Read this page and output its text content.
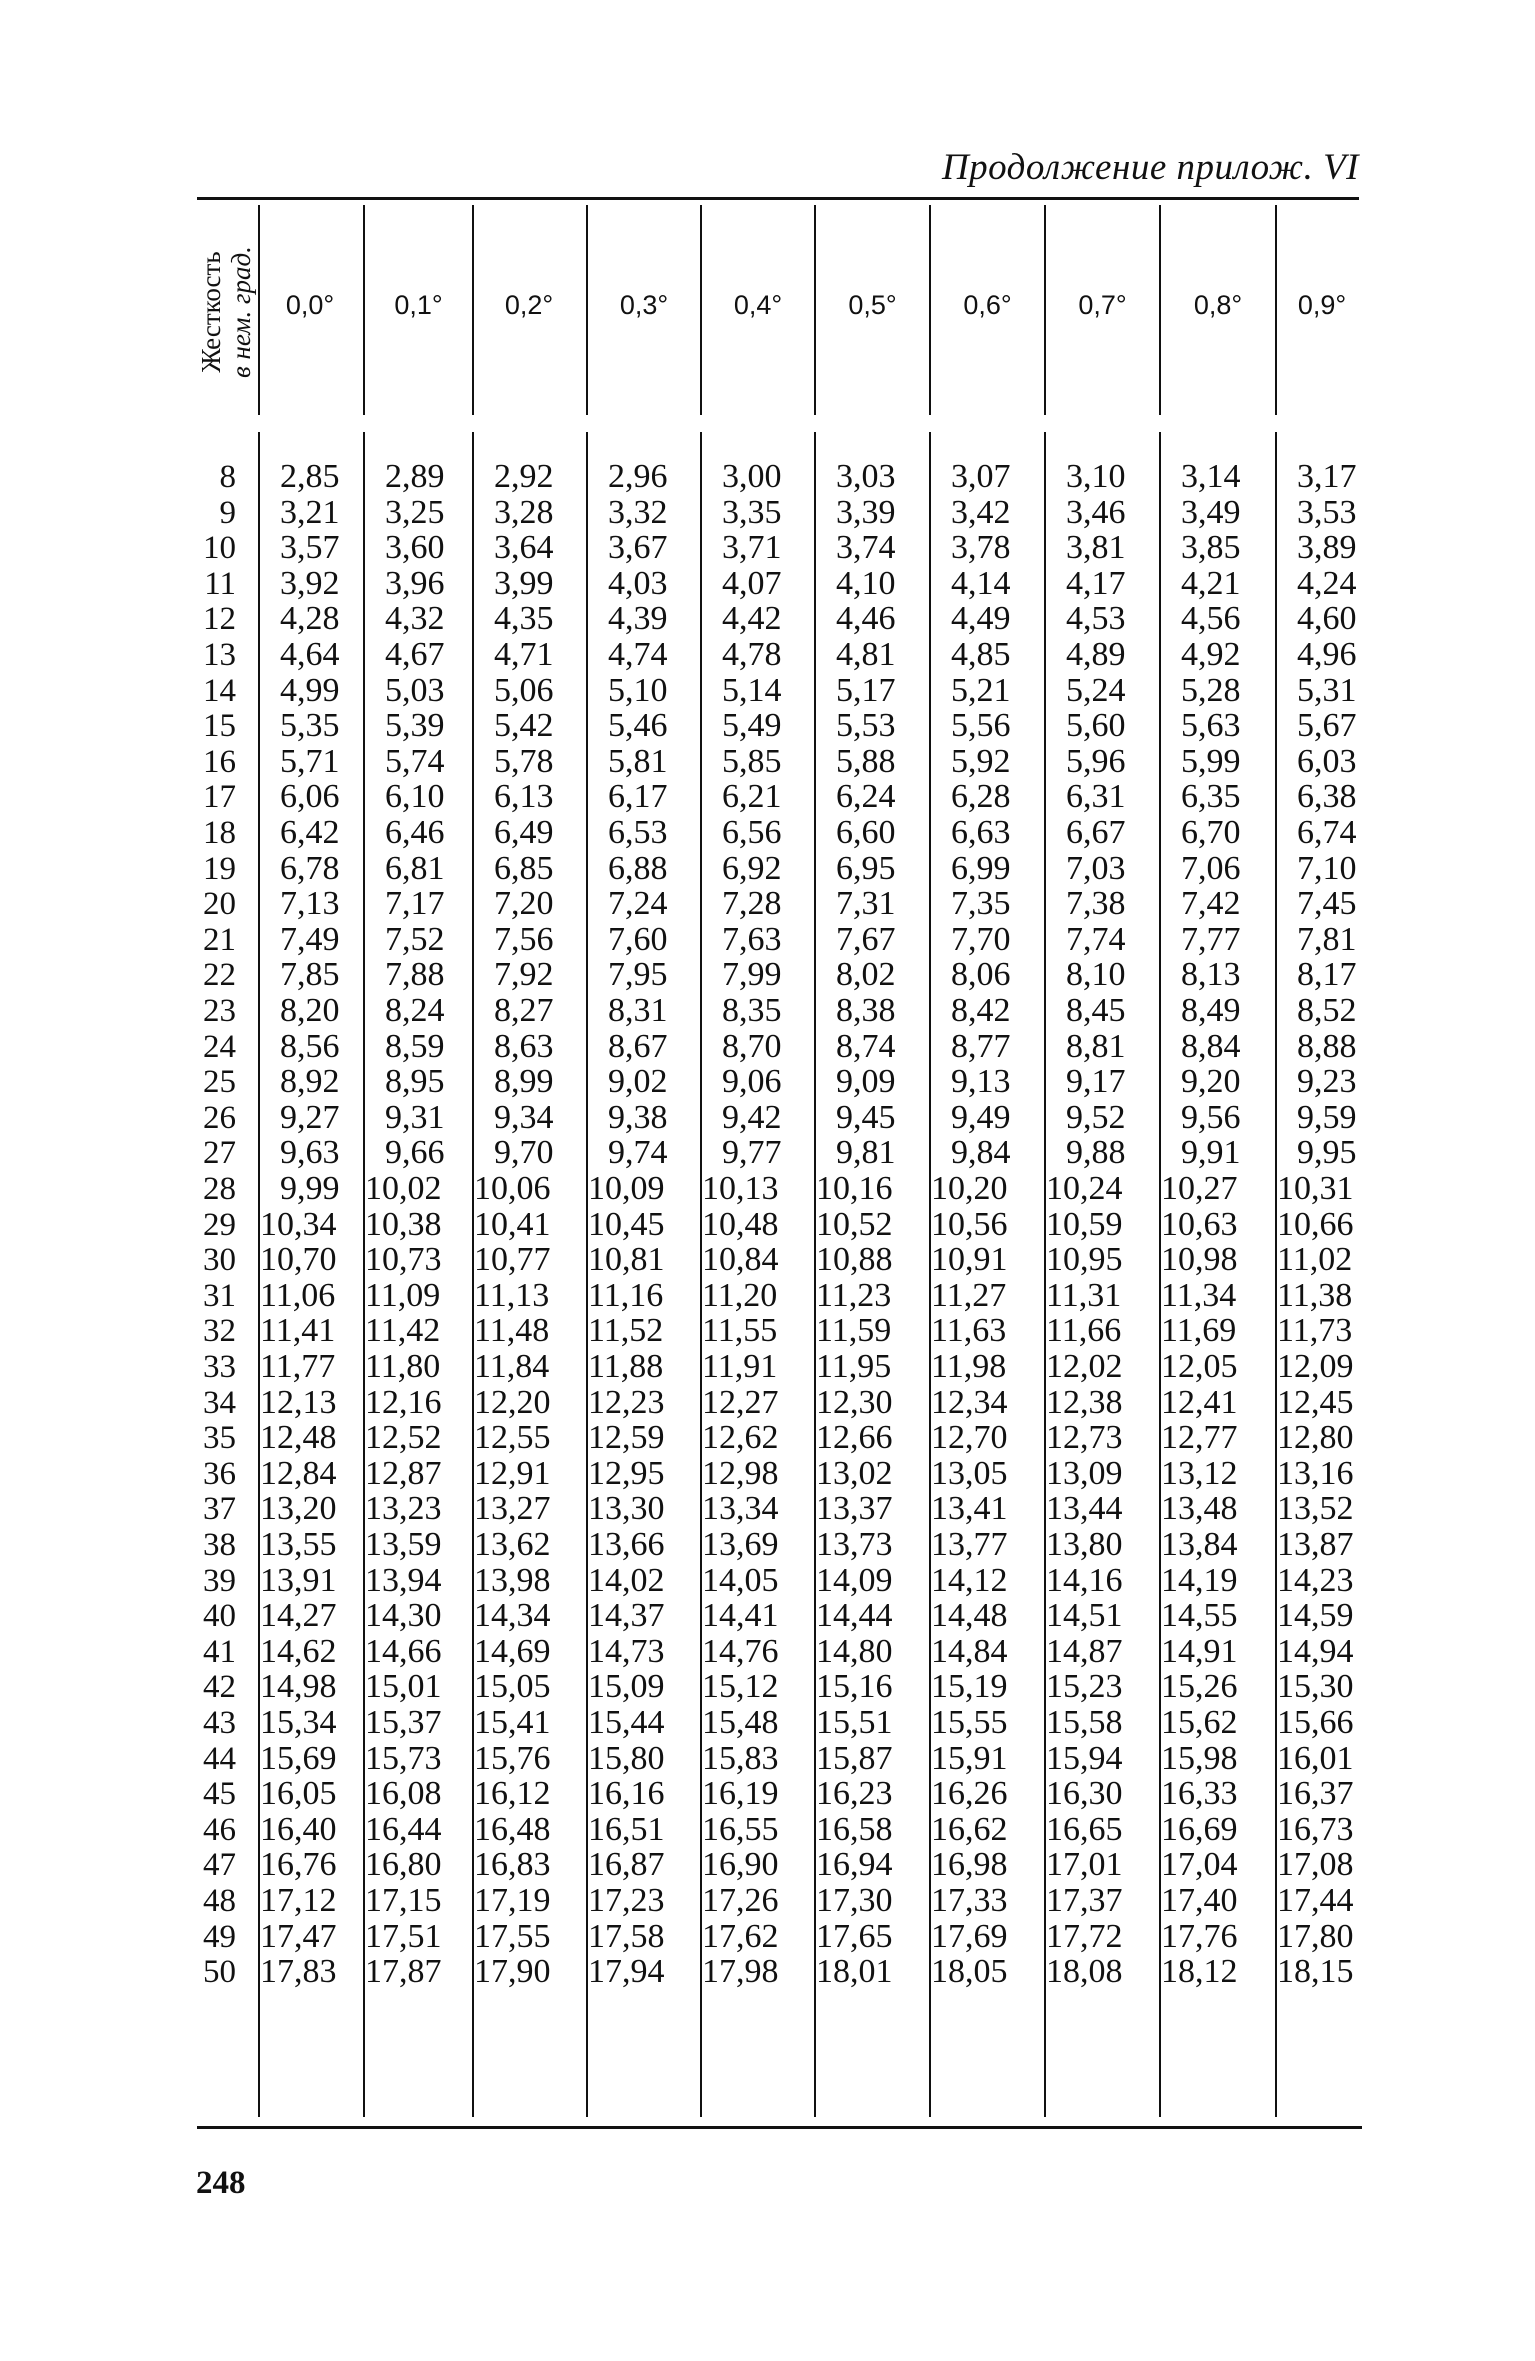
Продолжение прилож. VI
Жесткость в нем. град.	0,0°	0,1°	0,2°	0,3°	0,4°	0,5°	0,6°	0,7°	0,8°	0,9°
8 2,85 2,89 2,92 2,96 3,00 3,03 3,07 3,10 3,14 3,17
9 3,21 3,25 3,28 3,32 3,35 3,39 3,42 3,46 3,49 3,53
10 3,57 3,60 3,64 3,67 3,71 3,74 3,78 3,81 3,85 3,89
11 3,92 3,96 3,99 4,03 4,07 4,10 4,14 4,17 4,21 4,24
12 4,28 4,32 4,35 4,39 4,42 4,46 4,49 4,53 4,56 4,60
13 4,64 4,67 4,71 4,74 4,78 4,81 4,85 4,89 4,92 4,96
14 4,99 5,03 5,06 5,10 5,14 5,17 5,21 5,24 5,28 5,31
15 5,35 5,39 5,42 5,46 5,49 5,53 5,56 5,60 5,63 5,67
16 5,71 5,74 5,78 5,81 5,85 5,88 5,92 5,96 5,99 6,03
17 6,06 6,10 6,13 6,17 6,21 6,24 6,28 6,31 6,35 6,38
18 6,42 6,46 6,49 6,53 6,56 6,60 6,63 6,67 6,70 6,74
19 6,78 6,81 6,85 6,88 6,92 6,95 6,99 7,03 7,06 7,10
20 7,13 7,17 7,20 7,24 7,28 7,31 7,35 7,38 7,42 7,45
21 7,49 7,52 7,56 7,60 7,63 7,67 7,70 7,74 7,77 7,81
22 7,85 7,88 7,92 7,95 7,99 8,02 8,06 8,10 8,13 8,17
23 8,20 8,24 8,27 8,31 8,35 8,38 8,42 8,45 8,49 8,52
24 8,56 8,59 8,63 8,67 8,70 8,74 8,77 8,81 8,84 8,88
25 8,92 8,95 8,99 9,02 9,06 9,09 9,13 9,17 9,20 9,23
26 9,27 9,31 9,34 9,38 9,42 9,45 9,49 9,52 9,56 9,59
27 9,63 9,66 9,70 9,74 9,77 9,81 9,84 9,88 9,91 9,95
28 9,99 10,02 10,06 10,09 10,13 10,16 10,20 10,24 10,27 10,31
29 10,34 10,38 10,41 10,45 10,48 10,52 10,56 10,59 10,63 10,66
30 10,70 10,73 10,77 10,81 10,84 10,88 10,91 10,95 10,98 11,02
31 11,06 11,09 11,13 11,16 11,20 11,23 11,27 11,31 11,34 11,38
32 11,41 11,42 11,48 11,52 11,55 11,59 11,63 11,66 11,69 11,73
33 11,77 11,80 11,84 11,88 11,91 11,95 11,98 12,02 12,05 12,09
34 12,13 12,16 12,20 12,23 12,27 12,30 12,34 12,38 12,41 12,45
35 12,48 12,52 12,55 12,59 12,62 12,66 12,70 12,73 12,77 12,80
36 12,84 12,87 12,91 12,95 12,98 13,02 13,05 13,09 13,12 13,16
37 13,20 13,23 13,27 13,30 13,34 13,37 13,41 13,44 13,48 13,52
38 13,55 13,59 13,62 13,66 13,69 13,73 13,77 13,80 13,84 13,87
39 13,91 13,94 13,98 14,02 14,05 14,09 14,12 14,16 14,19 14,23
40 14,27 14,30 14,34 14,37 14,41 14,44 14,48 14,51 14,55 14,59
41 14,62 14,66 14,69 14,73 14,76 14,80 14,84 14,87 14,91 14,94
42 14,98 15,01 15,05 15,09 15,12 15,16 15,19 15,23 15,26 15,30
43 15,34 15,37 15,41 15,44 15,48 15,51 15,55 15,58 15,62 15,66
44 15,69 15,73 15,76 15,80 15,83 15,87 15,91 15,94 15,98 16,01
45 16,05 16,08 16,12 16,16 16,19 16,23 16,26 16,30 16,33 16,37
46 16,40 16,44 16,48 16,51 16,55 16,58 16,62 16,65 16,69 16,73
47 16,76 16,80 16,83 16,87 16,90 16,94 16,98 17,01 17,04 17,08
48 17,12 17,15 17,19 17,23 17,26 17,30 17,33 17,37 17,40 17,44
49 17,47 17,51 17,55 17,58 17,62 17,65 17,69 17,72 17,76 17,80
50 17,83 17,87 17,90 17,94 17,98 18,01 18,05 18,08 18,12 18,15
248
